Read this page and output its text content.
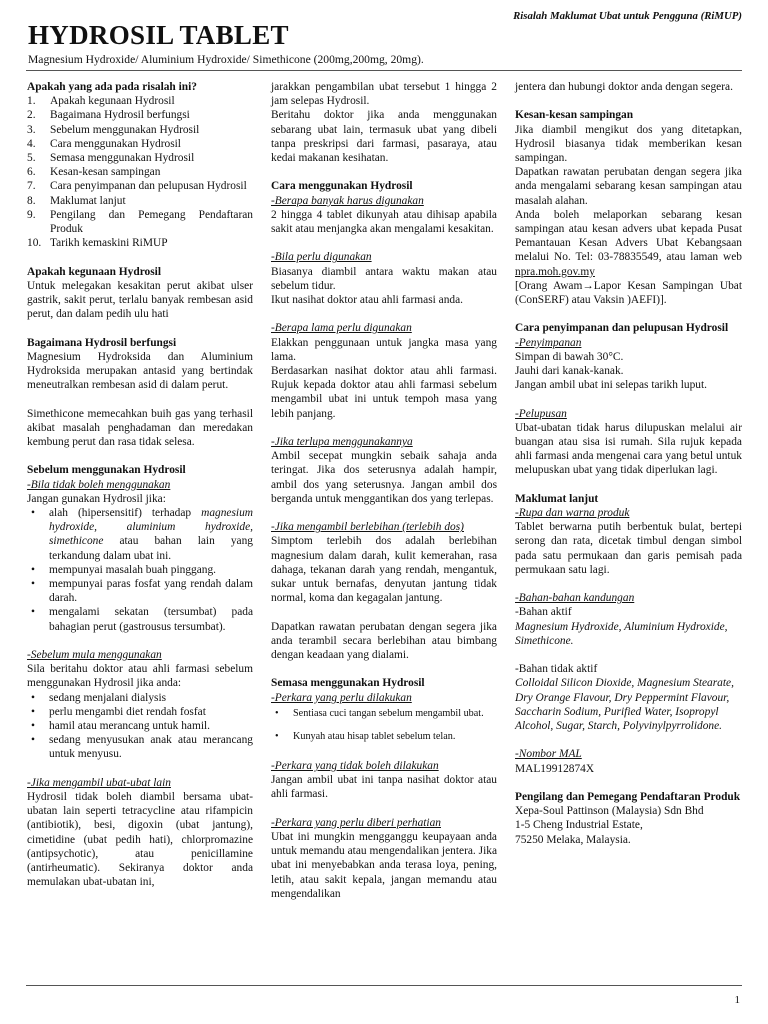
Risalah Maklumat Ubat untuk Pengguna (RiMUP)
HYDROSIL TABLET
Magnesium Hydroxide/ Aluminium Hydroxide/ Simethicone (200mg,200mg, 20mg).
Apakah yang ada pada risalah ini?
1. Apakah kegunaan Hydrosil
2. Bagaimana Hydrosil berfungsi
3. Sebelum menggunakan Hydrosil
4. Cara menggunakan Hydrosil
5. Semasa menggunakan Hydrosil
6. Kesan-kesan sampingan
7. Cara penyimpanan dan pelupusan Hydrosil
8. Maklumat lanjut
9. Pengilang dan Pemegang Pendaftaran Produk
10. Tarikh kemaskini RiMUP
Apakah kegunaan Hydrosil

Untuk melegakan kesakitan perut akibat ulser gastrik, sakit perut, terlalu banyak rembesan asid perut, dan dalam pedih ulu hati

Bagaimana Hydrosil berfungsi

Magnesium Hydroksida dan Aluminium Hydroksida merupakan antasid yang bertindak meneutralkan rembesan asid di dalam perut.

Simethicone memecahkan buih gas yang terhasil akibat masalah penghadaman dan meredakan kembung perut dan rasa tidak selesa.

Sebelum menggunakan Hydrosil
-Bila tidak boleh menggunakan
Jangan gunakan Hydrosil jika:
• alah (hipersensitif) terhadap magnesium hydroxide, aluminium hydroxide, simethicone atau bahan lain yang terkandung dalam ubat ini.
• mempunyai masalah buah pinggang.
• mempunyai paras fosfat yang rendah dalam darah.
• mengalami sekatan (tersumbat) pada bahagian perut (gastrousus tersumbat).
-Sebelum mula menggunakan

Sila beritahu doktor atau ahli farmasi sebelum menggunakan Hydrosil jika anda:

• sedang menjalani dialysis
• perlu mengambi diet rendah fosfat
• hamil atau merancang untuk hamil.
• sedang menyusukan anak atau merancang untuk menyusu.
-Jika mengambil ubat-ubat lain

Hydrosil tidak boleh diambil bersama ubat-ubatan lain seperti tetracycline atau rifampicin (antibiotik), besi, digoxin (ubat jantung), cimetidine (ubat pedih hati), chlorpromazine (antipsychotic), atau penicillamine (antirheumatic). Sekiranya doktor anda memulakan ubat-ubatan ini,

jarakkan pengambilan ubat tersebut 1 hingga 2 jam selepas Hydrosil.

Beritahu doktor jika anda menggunakan sebarang ubat lain, termasuk ubat yang dibeli tanpa preskripsi dari farmasi, pasaraya, atau kedai makanan kesihatan.

Cara menggunakan Hydrosil
-Berapa banyak harus digunakan

2 hingga 4 tablet dikunyah atau dihisap apabila sakit atau menjangka akan mengalami kesakitan.

-Bila perlu digunakan

Biasanya diambil antara waktu makan atau sebelum tidur.

Ikut nasihat doktor atau ahli farmasi anda.

-Berapa lama perlu digunakan

Elakkan penggunaan untuk jangka masa yang lama.

Berdasarkan nasihat doktor atau ahli farmasi. Rujuk kepada doktor atau ahli farmasi sebelum mengambil ubat ini untuk tempoh masa yang lebih panjang.

-Jika terlupa menggunakannya

Ambil secepat mungkin sebaik sahaja anda teringat. Jika dos seterusnya adalah hampir, ambil dos yang seterusnya. Jangan ambil dos berganda untuk menggantikan dos yang terlepas.

-Jika mengambil berlebihan (terlebih dos)

Simptom terlebih dos adalah berlebihan magnesium dalam darah, kulit kemerahan, rasa dahaga, tekanan darah yang rendah, mengantuk, sukar untuk bernafas, denyutan jantung tidak normal, koma dan kegagalan jantung.

Dapatkan rawatan perubatan dengan segera jika anda terambil secara berlebihan atau bimbang dengan keadaan yang dialami.

Semasa menggunakan Hydrosil
-Perkara yang perlu dilakukan
• Sentiasa cuci tangan sebelum mengambil ubat.
• Kunyah atau hisap tablet sebelum telan.
-Perkara yang tidak boleh dilakukan

Jangan ambil ubat ini tanpa nasihat doktor atau ahli farmasi.

-Perkara yang perlu diberi perhatian

Ubat ini mungkin mengganggu keupayaan anda untuk memandu atau mengendalikan jentera. Jika ubat ini menyebabkan anda terasa loya, pening, letih, atau sakit kepala, jangan memandu atau mengendalikan

jentera dan hubungi doktor anda dengan segera.

Kesan-kesan sampingan

Jika diambil mengikut dos yang ditetapkan, Hydrosil biasanya tidak memberikan kesan sampingan.

Dapatkan rawatan perubatan dengan segera jika anda mengalami sebarang kesan sampingan atau masalah alahan.

Anda boleh melaporkan sebarang kesan sampingan atau kesan advers ubat kepada Pusat Pemantauan Kesan Advers Ubat Kebangsaan melalui No. Tel: 03-78835549, atau laman web npra.moh.gov.my
[Orang Awam→Lapor Kesan Sampingan Ubat (ConSERF) atau Vaksin )AEFI)].

Cara penyimpanan dan pelupusan Hydrosil
-Penyimpanan
Simpan di bawah 30°C.
Jauhi dari kanak-kanak.
Jangan ambil ubat ini selepas tarikh luput.
-Pelupusan

Ubat-ubatan tidak harus dilupuskan melalui air buangan atau sisa isi rumah. Sila rujuk kepada ahli farmasi anda mengenai cara yang betul untuk melupuskan ubat yang tidak diperlukan lagi.

Maklumat lanjut
-Rupa dan warna produk

Tablet berwarna putih berbentuk bulat, bertepi serong dan rata, dicetak timbul dengan simbol pada satu permukaan dan garis pemisah pada permukaan satu lagi.

-Bahan-bahan kandungan
-Bahan aktif
Magnesium Hydroxide, Aluminium Hydroxide, Simethicone.
-Bahan tidak aktif
Colloidal Silicon Dioxide, Magnesium Stearate, Dry Orange Flavour, Dry Peppermint Flavour, Saccharin Sodium, Purified Water, Isopropyl Alcohol, Sugar, Starch, Polyvinylpyrrolidone.
-Nombor MAL
MAL19912874X
Pengilang dan Pemegang Pendaftaran Produk
Xepa-Soul Pattinson (Malaysia) Sdn Bhd
1-5 Cheng Industrial Estate,
75250 Melaka, Malaysia.
1
